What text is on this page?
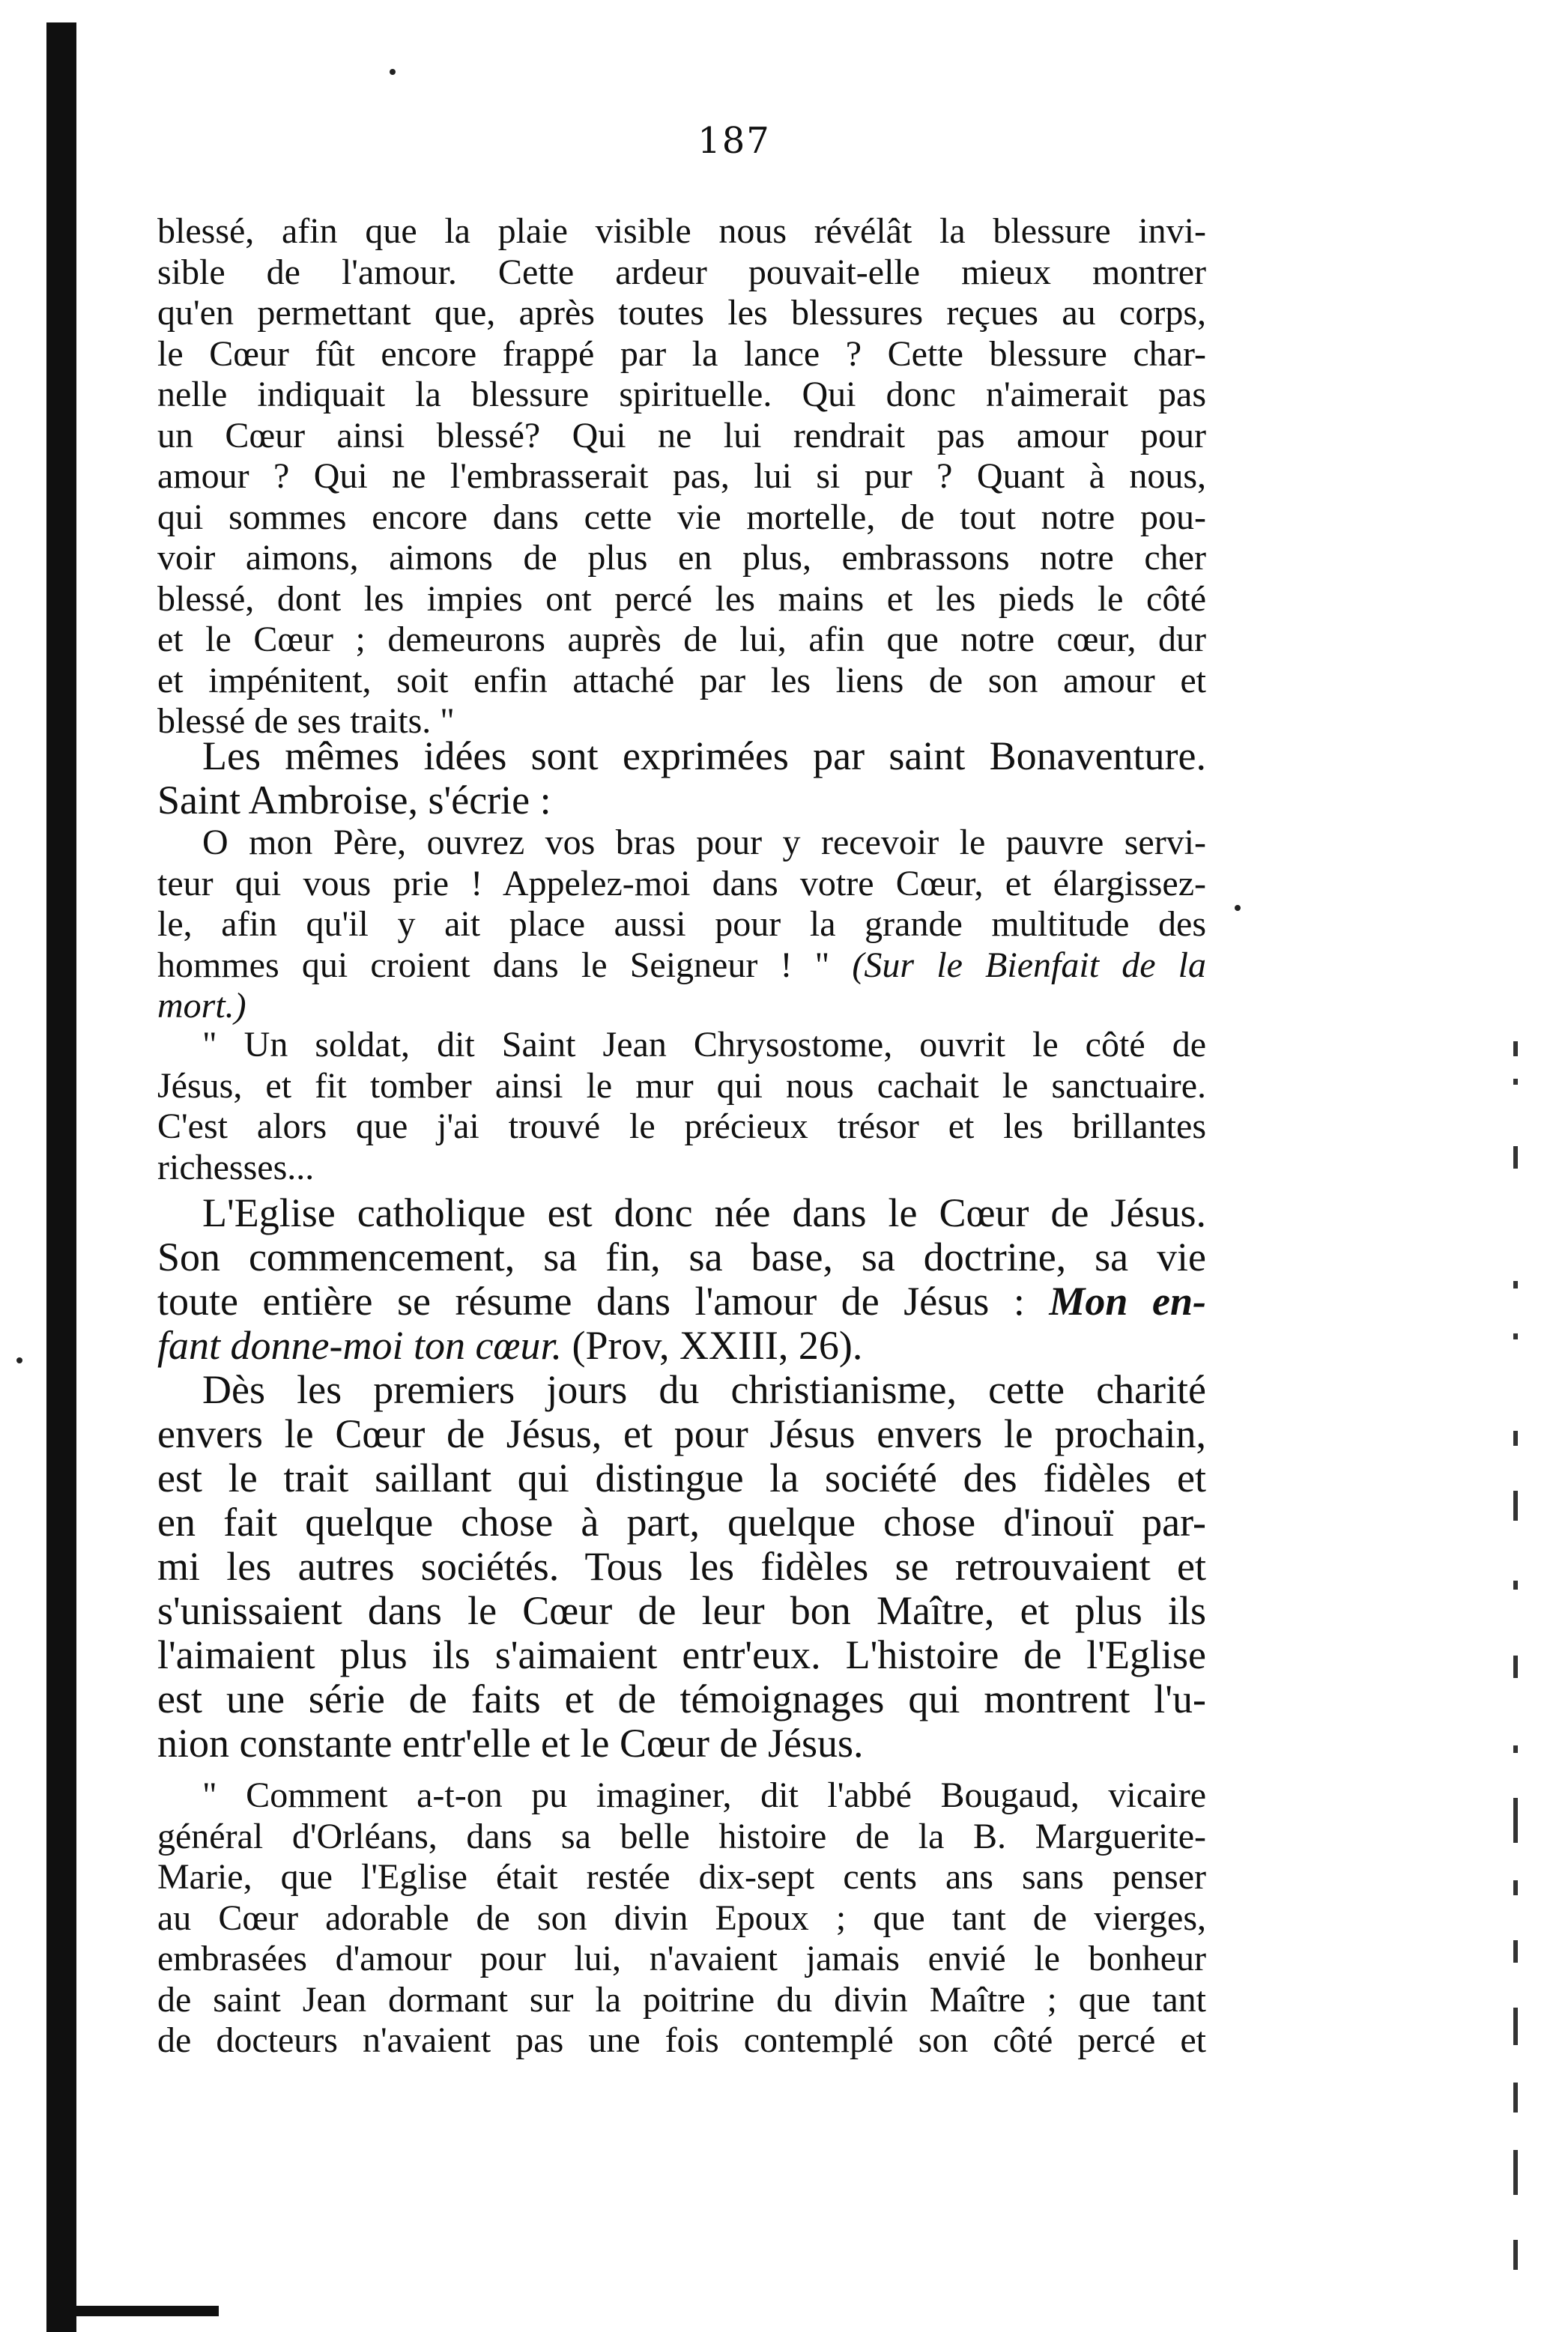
187
blessé, afin que la plaie visible nous révélât la blessure invi-
sible de l'amour. Cette ardeur pouvait-elle mieux montrer
qu'en permettant que, après toutes les blessures reçues au corps,
le Cœur fût encore frappé par la lance ? Cette blessure char-
nelle indiquait la blessure spirituelle. Qui donc n'aimerait pas
un Cœur ainsi blessé? Qui ne lui rendrait pas amour pour
amour ? Qui ne l'embrasserait pas, lui si pur ? Quant à nous,
qui sommes encore dans cette vie mortelle, de tout notre pou-
voir aimons, aimons de plus en plus, embrassons notre cher
blessé, dont les impies ont percé les mains et les pieds le côté
et le Cœur ; demeurons auprès de lui, afin que notre cœur, dur
et impénitent, soit enfin attaché par les liens de son amour et
blessé de ses traits. "
Les mêmes idées sont exprimées par saint Bonaventure.
Saint Ambroise, s'écrie :
O mon Père, ouvrez vos bras pour y recevoir le pauvre servi-
teur qui vous prie ! Appelez-moi dans votre Cœur, et élargissez-
le, afin qu'il y ait place aussi pour la grande multitude des
hommes qui croient dans le Seigneur ! " (Sur le Bienfait de la
mort.)
" Un soldat, dit Saint Jean Chrysostome, ouvrit le côté de
Jésus, et fit tomber ainsi le mur qui nous cachait le sanctuaire.
C'est alors que j'ai trouvé le précieux trésor et les brillantes
richesses...
L'Eglise catholique est donc née dans le Cœur de Jésus.
Son commencement, sa fin, sa base, sa doctrine, sa vie
toute entière se résume dans l'amour de Jésus : Mon en-
fant donne-moi ton cœur. (Prov, XXIII, 26).
Dès les premiers jours du christianisme, cette charité
envers le Cœur de Jésus, et pour Jésus envers le prochain,
est le trait saillant qui distingue la société des fidèles et
en fait quelque chose à part, quelque chose d'inouï par-
mi les autres sociétés. Tous les fidèles se retrouvaient et
s'unissaient dans le Cœur de leur bon Maître, et plus ils
l'aimaient plus ils s'aimaient entr'eux. L'histoire de l'Eglise
est une série de faits et de témoignages qui montrent l'u-
nion constante entr'elle et le Cœur de Jésus.
" Comment a-t-on pu imaginer, dit l'abbé Bougaud, vicaire
général d'Orléans, dans sa belle histoire de la B. Marguerite-
Marie, que l'Eglise était restée dix-sept cents ans sans penser
au Cœur adorable de son divin Epoux ; que tant de vierges,
embrasées d'amour pour lui, n'avaient jamais envié le bonheur
de saint Jean dormant sur la poitrine du divin Maître ; que tant
de docteurs n'avaient pas une fois contemplé son côté percé et
